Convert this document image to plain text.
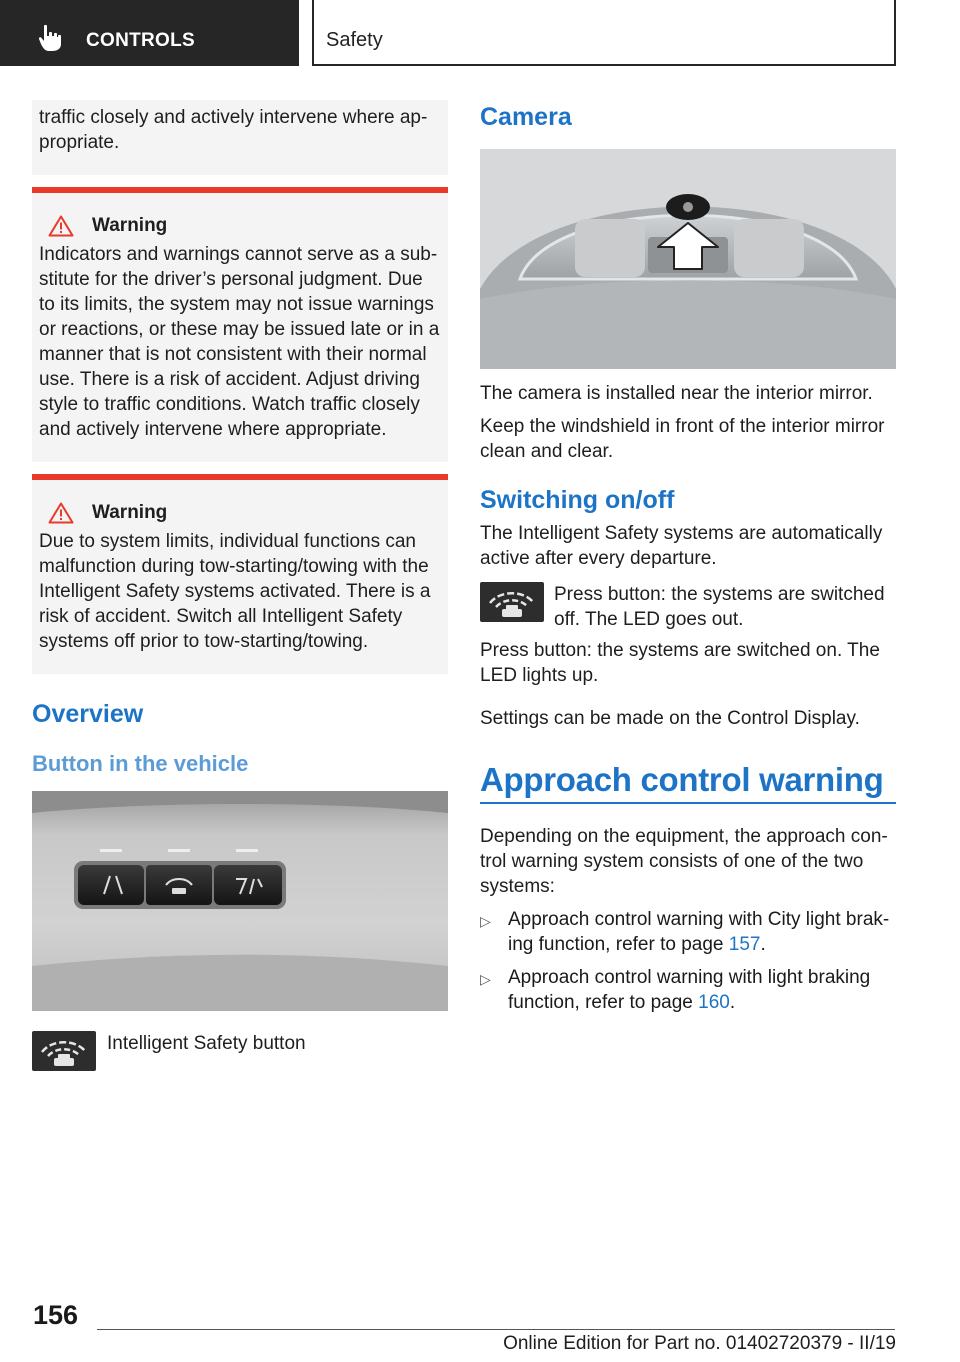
CONTROLS	Safety

traffic closely and actively intervene where ap‐
propriate.

Warning

Indicators and warnings cannot serve as a sub‐ stitute for the driver’s personal judgment. Due to its limits, the system may not issue warnings or reactions, or these may be issued late or in a manner that is not consistent with their normal use. There is a risk of accident. Adjust driving style to traffic conditions. Watch traffic closely and actively intervene where appropriate.

Warning

Due to system limits, individual functions can malfunction during tow-starting/towing with the Intelligent Safety systems activated. There is a risk of accident. Switch all Intelligent Safety systems off prior to tow-starting/towing.

Overview
Button in the vehicle

Intelligent Safety button

Camera

The camera is installed near the interior mirror.

Keep the windshield in front of the interior mirror clean and clear.

Switching on/off

The Intelligent Safety systems are automatically active after every departure.

Press button: the systems are switched off. The LED goes out.

Press button: the systems are switched on. The LED lights up.

Settings can be made on the Control Display.

Approach control warning

Depending on the equipment, the approach con‐ trol warning system consists of one of the two systems:

▷ Approach control warning with City light brak‐ ing function, refer to page 157.
▷ Approach control warning with light braking function, refer to page 160.
156
Online Edition for Part no. 01402720379 - II/19
